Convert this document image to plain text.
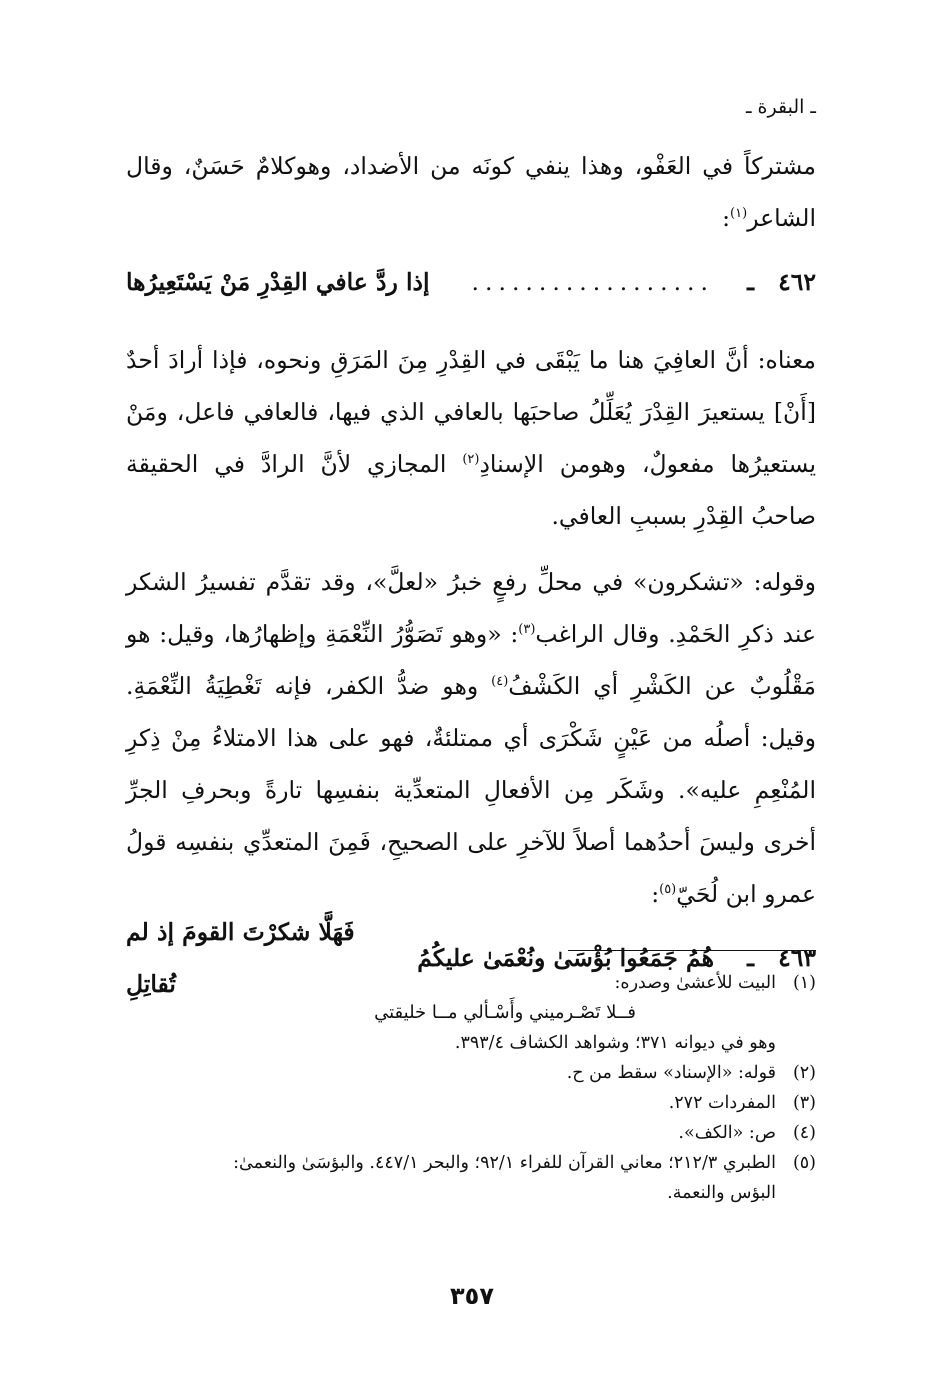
ـ البقرة ـ

مشتركاً في العَفْو، وهذا ينفي كونَه من الأضداد، وهوكلامٌ حَسَنٌ، وقال الشاعر$^{(١)}$:

٤٦٢
ـ
..................
إذا ردَّ عافي القِدْرِ مَنْ يَسْتَعِيرُها

معناه: أنَّ العافِيَ هنا ما يَبْقَى في القِدْرِ مِنَ المَرَقِ ونحوه، فإذا أرادَ أحدٌ [أَنْ] يستعيرَ القِدْرَ يُعَلِّلُ صاحبَها بالعافي الذي فيها، فالعافي فاعل، ومَنْ يستعيرُها مفعولٌ، وهومن الإسنادِ$^{(٢)}$ المجازي لأنَّ الرادَّ في الحقيقة صاحبُ القِدْرِ بسببِ العافي.

وقوله: «تشكرون» في محلِّ رفعٍ خبرُ «لعلَّ»، وقد تقدَّم تفسيرُ الشكر عند ذكرِ الحَمْدِ. وقال الراغب$^{(٣)}$: «وهو تَصَوُّرُ النِّعْمَةِ وإظهارُها، وقيل: هو مَقْلُوبٌ عن الكَشْرِ أي الكَشْفُ$^{(٤)}$ وهو ضدُّ الكفر، فإنه تَغْطِيَةُ النِّعْمَةِ. وقيل: أصلُه من عَيْنٍ شَكْرَى أي ممتلئةٌ، فهو على هذا الامتلاءُ مِنْ ذِكرِ المُنْعِمِ عليه». وشَكَر مِن الأفعالِ المتعدِّية بنفسِها تارةً وبحرفِ الجرِّ أخرى وليسَ أحدُهما أصلاً للآخرِ على الصحيحِ، فَمِنَ المتعدِّي بنفسِه قولُ عمرو ابن لُحَيّ$^{(٥)}$:

٤٦٣
ـ
هُمُ جَمَعُوا بُؤْسَىٰ ونُعْمَىٰ عليكُمُ
فَهَلَّا شكرْتَ القومَ إذ لم تُقاتِلِ	(١)
البيت للأعشىٰ وصدره:
فــلا تَصْـرميني وأَسْـألي مــا خليقتي
وهو في ديوانه ٣٧١؛ وشواهد الكشاف ٣٩٣/٤.
(٢)
قوله: «الإسناد» سقط من ح.
(٣)
المفردات ٢٧٢.
(٤)
ص: «الكف».
(٥)
الطبري ٢١٢/٣؛ معاني القرآن للفراء ٩٢/١؛ والبحر ٤٤٧/١. والبؤسَىٰ والنعمىٰ:
البؤس والنعمة.
٣٥٧
